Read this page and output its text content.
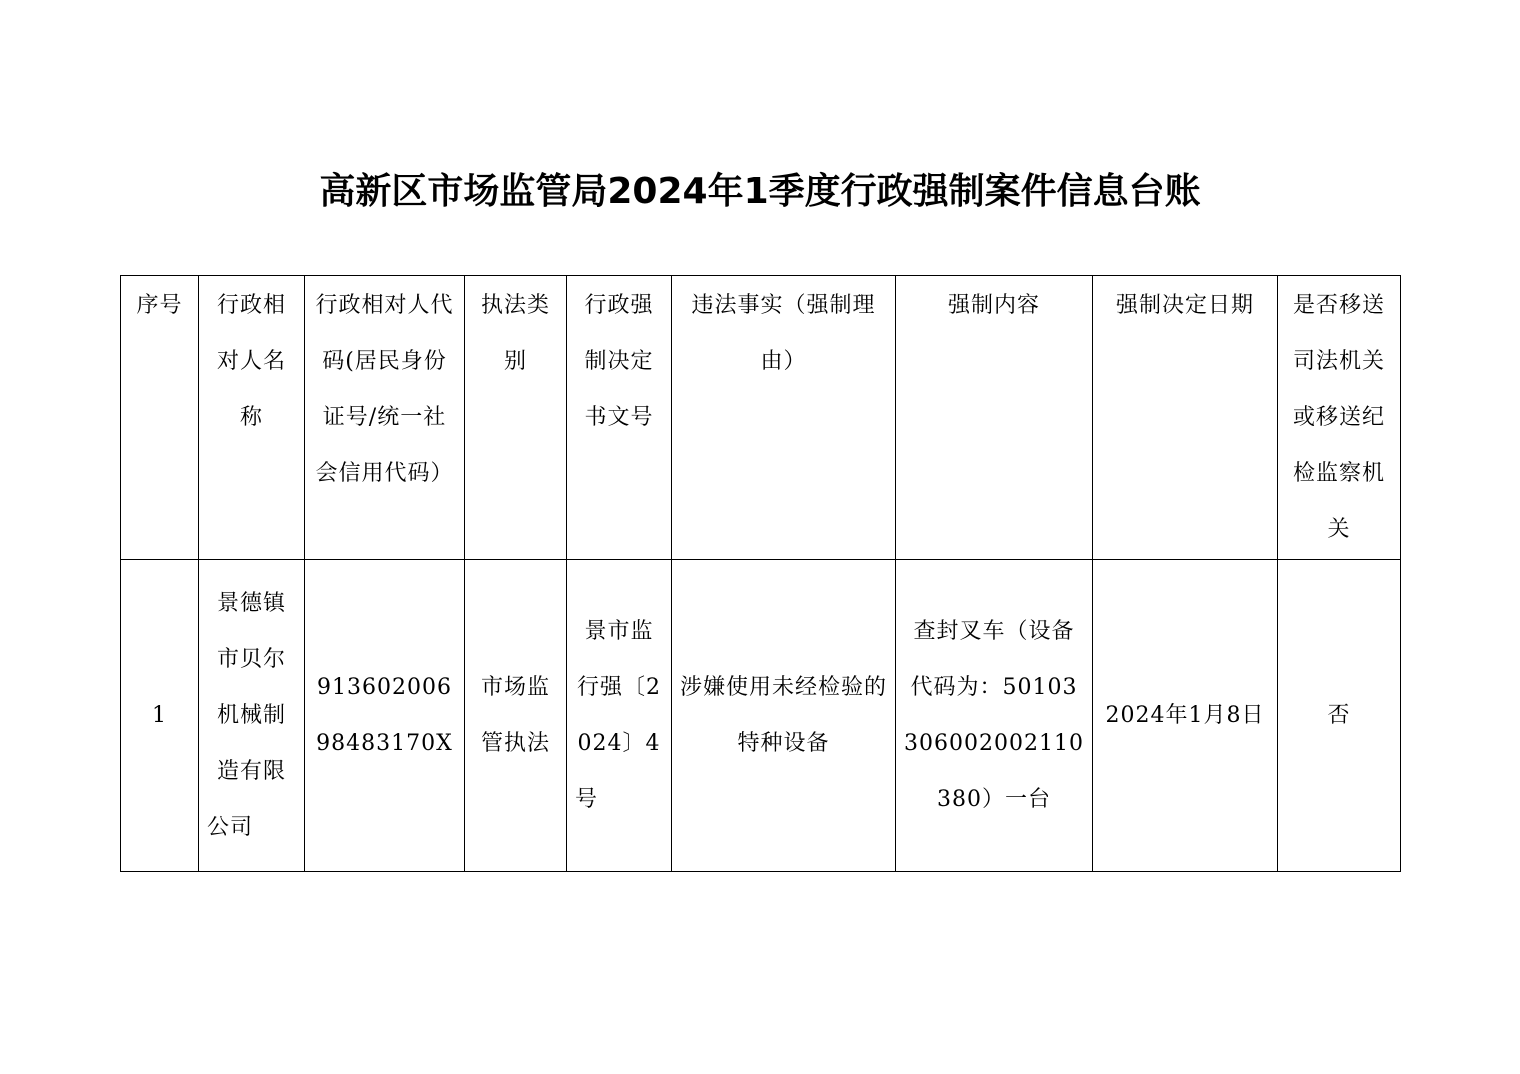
高新区市场监管局2024年1季度行政强制案件信息台账
序号	行政相对人名称	行政相对人代码(居民身份证号/统一社会信用代码）	执法类别	行政强制决定书文号	违法事实（强制理由）	强制内容	强制决定日期	是否移送司法机关或移送纪检监察机关
1	景德镇市贝尔机械制造有限公司	91360200698483170X	市场监管执法	景市监行强〔2024〕4号	涉嫌使用未经检验的特种设备	查封叉车（设备代码为：50103306002002110380）一台	2024年1月8日	否
